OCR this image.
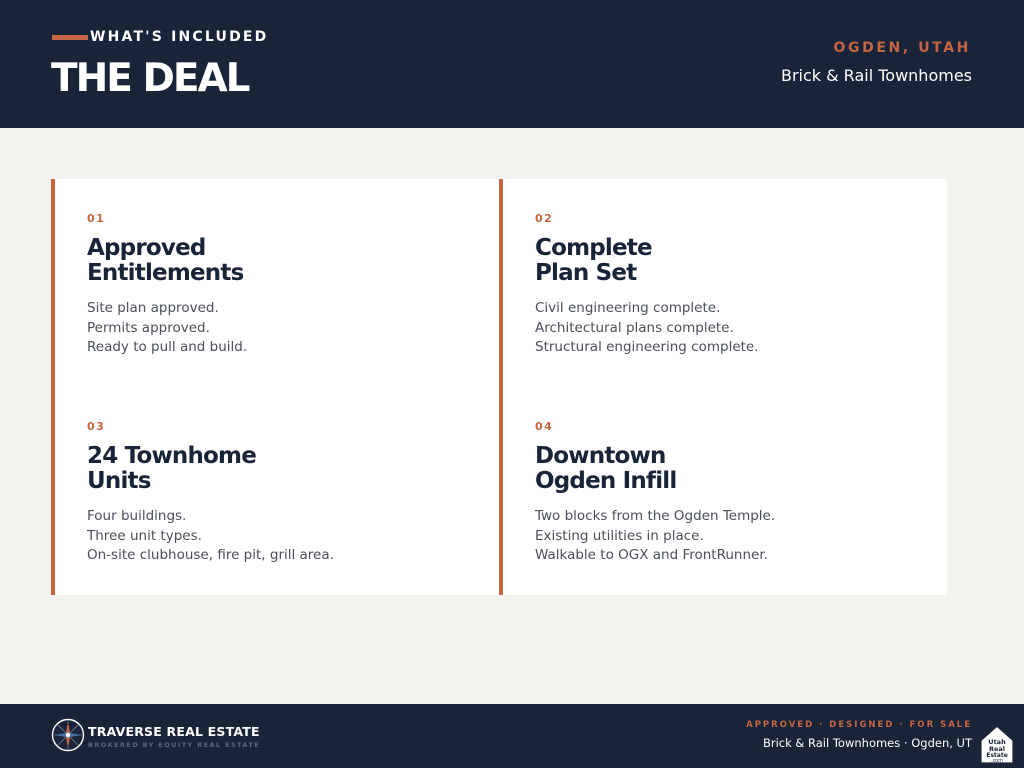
WHAT'S INCLUDED
THE DEAL
OGDEN, UTAH
Brick & Rail Townhomes
01
Approved
Entitlements
Site plan approved.
Permits approved.
Ready to pull and build.
02
Complete
Plan Set
Civil engineering complete.
Architectural plans complete.
Structural engineering complete.
03
24 Townhome
Units
Four buildings.
Three unit types.
On-site clubhouse, fire pit, grill area.
04
Downtown
Ogden Infill
Two blocks from the Ogden Temple.
Existing utilities in place.
Walkable to OGX and FrontRunner.
TRAVERSE REAL ESTATE
BROKERED BY EQUITY REAL ESTATE
APPROVED · DESIGNED · FOR SALE
Brick & Rail Townhomes · Ogden, UT	Utah
Real
Estate
.com
